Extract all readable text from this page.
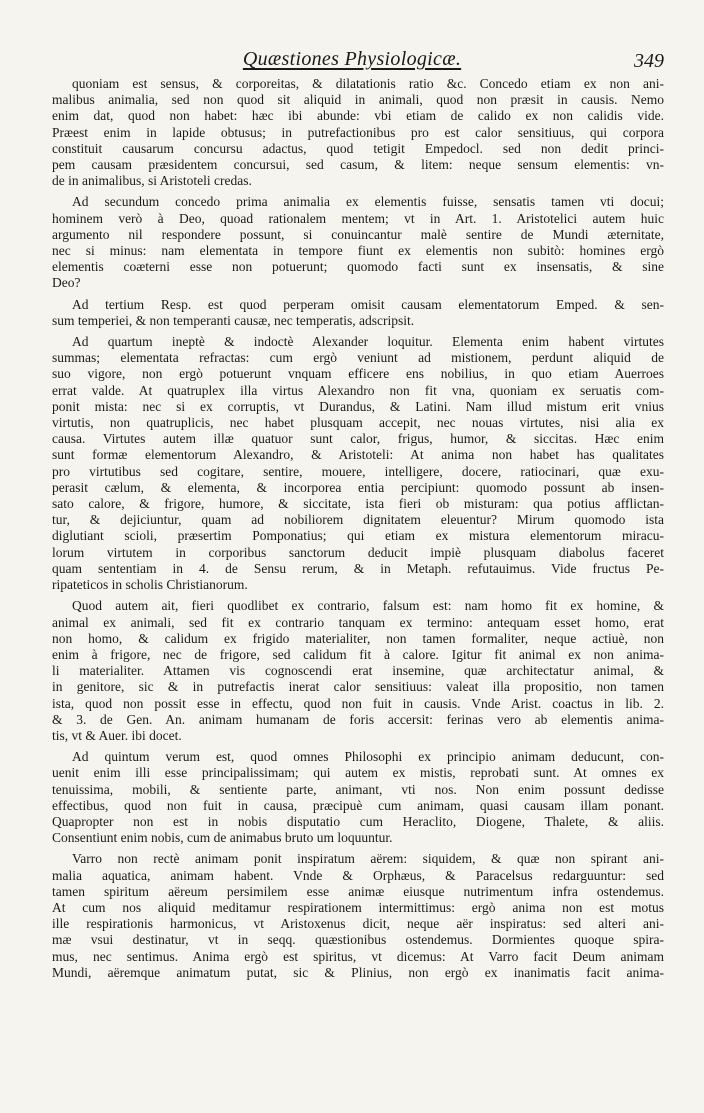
Quæstiones Physiologicæ.	349
quoniam est sensus, & corporeitas, & dilatationis ratio &c. Concedo etiam ex non ani-
malibus animalia, sed non quod sit aliquid in animali, quod non præsit in causis. Nemo
enim dat, quod non habet: hæc ibi abunde: vbi etiam de calido ex non calidis vide.
Præest enim in lapide obtusus; in putrefactionibus pro est calor sensitiuus, qui corpora
constituit causarum concursu adactus, quod tetigit Empedocl. sed non dedit princi-
pem causam præsidentem concursui, sed casum, & litem: neque sensum elementis: vn-
de in animalibus, si Aristoteli credas.
Ad secundum concedo prima animalia ex elementis fuisse, sensatis tamen vti docui;
hominem verò à Deo, quoad rationalem mentem; vt in Art. 1. Aristotelici autem huic
argumento nil respondere possunt, si conuincantur malè sentire de Mundi æternitate,
nec si minus: nam elementata in tempore fiunt ex elementis non subitò: homines ergò
elementis coæterni esse non potuerunt; quomodo facti sunt ex insensatis, & sine
Deo?
Ad tertium Resp. est quod perperam omisit causam elementatorum Emped. & sen-
sum temperiei, & non temperanti causæ, nec temperatis, adscripsit.
Ad quartum ineptè & indoctè Alexander loquitur. Elementa enim habent virtutes
summas; elementata refractas: cum ergò veniunt ad mistionem, perdunt aliquid de
suo vigore, non ergò potuerunt vnquam efficere ens nobilius, in quo etiam Auerroes
errat valde. At quatruplex illa virtus Alexandro non fit vna, quoniam ex seruatis com-
ponit mista: nec si ex corruptis, vt Durandus, & Latini. Nam illud mistum erit vnius
virtutis, non quatruplicis, nec habet plusquam accepit, nec nouas virtutes, nisi alia ex
causa. Virtutes autem illæ quatuor sunt calor, frigus, humor, & siccitas. Hæc enim
sunt formæ elementorum Alexandro, & Aristoteli: At anima non habet has qualitates
pro virtutibus sed cogitare, sentire, mouere, intelligere, docere, ratiocinari, quæ exu-
perasit cælum, & elementa, & incorporea entia percipiunt: quomodo possunt ab insen-
sato calore, & frigore, humore, & siccitate, ista fieri ob misturam: qua potius afflictan-
tur, & dejiciuntur, quam ad nobiliorem dignitatem eleuentur? Mirum quomodo ista
diglutiant scioli, præsertim Pomponatius; qui etiam ex mistura elementorum miracu-
lorum virtutem in corporibus sanctorum deducit impiè plusquam diabolus faceret
quam sententiam in 4. de Sensu rerum, & in Metaph. refutauimus. Vide fructus Pe-
ripateticos in scholis Christianorum.
Quod autem ait, fieri quodlibet ex contrario, falsum est: nam homo fit ex homine, &
animal ex animali, sed fit ex contrario tanquam ex termino: antequam esset homo, erat
non homo, & calidum ex frigido materialiter, non tamen formaliter, neque actiuè, non
enim à frigore, nec de frigore, sed calidum fit à calore. Igitur fit animal ex non anima-
li materialiter. Attamen vis cognoscendi erat insemine, quæ architectatur animal, &
in genitore, sic & in putrefactis inerat calor sensitiuus: valeat illa propositio, non tamen
ista, quod non possit esse in effectu, quod non fuit in causis. Vnde Arist. coactus in lib. 2.
& 3. de Gen. An. animam humanam de foris accersit: ferinas vero ab elementis anima-
tis, vt & Auer. ibi docet.
Ad quintum verum est, quod omnes Philosophi ex principio animam deducunt, con-
uenit enim illi esse principalissimam; qui autem ex mistis, reprobati sunt. At omnes ex
tenuissima, mobili, & sentiente parte, animant, vti nos. Non enim possunt dedisse
effectibus, quod non fuit in causa, præcipuè cum animam, quasi causam illam ponant.
Quapropter non est in nobis disputatio cum Heraclito, Diogene, Thalete, & aliis.
Consentiunt enim nobis, cum de animabus bruto um loquuntur.
Varro non rectè animam ponit inspiratum aërem: siquidem, & quæ non spirant ani-
malia aquatica, animam habent. Vnde & Orphæus, & Paracelsus redarguuntur: sed
tamen spiritum aëreum persimilem esse animæ eiusque nutrimentum infra ostendemus.
At cum nos aliquid meditamur respirationem intermittimus: ergò anima non est motus
ille respirationis harmonicus, vt Aristoxenus dicit, neque aër inspiratus: sed alteri ani-
mæ vsui destinatur, vt in seqq. quæstionibus ostendemus. Dormientes quoque spira-
mus, nec sentimus. Anima ergò est spiritus, vt dicemus: At Varro facit Deum animam
Mundi, aëremque animatum putat, sic & Plinius, non ergò ex inanimatis facit anima-
